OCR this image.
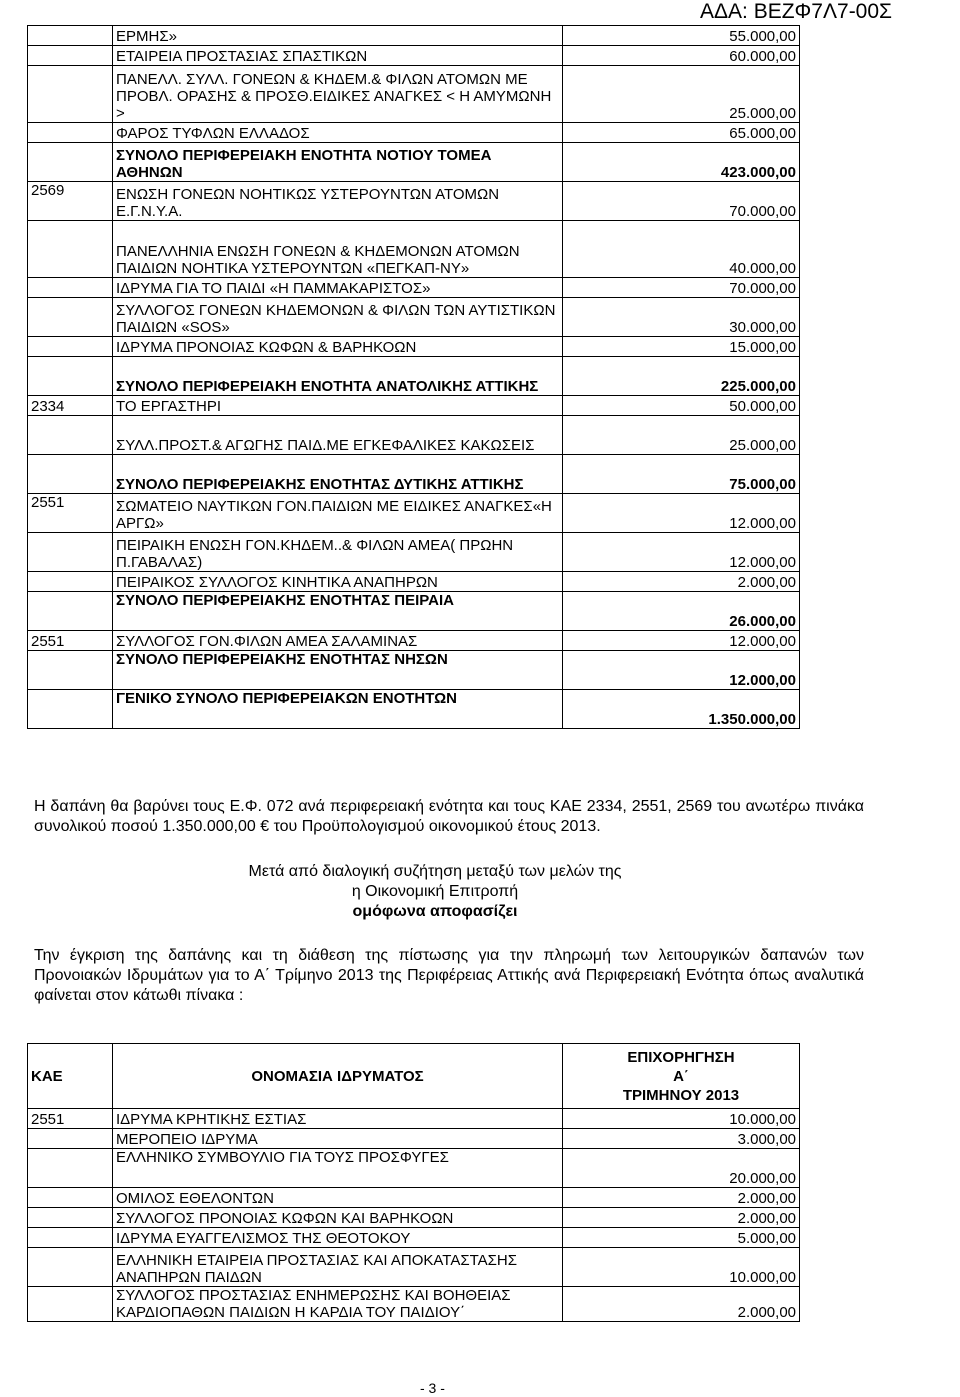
ΑΔΑ: ΒΕΖΦ7Λ7-00Σ
	ΕΡΜΗΣ»	55.000,00
	ΕΤΑΙΡΕΙΑ ΠΡΟΣΤΑΣΙΑΣ ΣΠΑΣΤΙΚΩΝ	60.000,00
	ΠΑΝΕΛΛ. ΣΥΛΛ. ΓΟΝΕΩΝ & ΚΗΔΕΜ.& ΦΙΛΩΝ ΑΤΟΜΩΝ ΜΕ ΠΡΟΒΛ. ΟΡΑΣΗΣ & ΠΡΟΣΘ.ΕΙΔΙΚΕΣ ΑΝΑΓΚΕΣ < Η ΑΜΥΜΩΝΗ >	25.000,00
	ΦΑΡΟΣ ΤΥΦΛΩΝ ΕΛΛΑΔΟΣ	65.000,00
	ΣΥΝΟΛΟ ΠΕΡΙΦΕΡΕΙΑΚΗ ΕΝΟΤΗΤΑ ΝΟΤΙΟΥ ΤΟΜΕΑ ΑΘΗΝΩΝ	423.000,00
2569	ΕΝΩΣΗ ΓΟΝΕΩΝ ΝΟΗΤΙΚΩΣ ΥΣΤΕΡΟΥΝΤΩΝ ΑΤΟΜΩΝ Ε.Γ.Ν.Υ.Α.	70.000,00
	ΠΑΝΕΛΛΗΝΙΑ ΕΝΩΣΗ ΓΟΝΕΩΝ & ΚΗΔΕΜΟΝΩΝ ΑΤΟΜΩΝ ΠΑΙΔΙΩΝ ΝΟΗΤΙΚΑ ΥΣΤΕΡΟΥΝΤΩΝ «ΠΕΓΚΑΠ-ΝΥ»	40.000,00
	ΙΔΡΥΜΑ ΓΙΑ ΤΟ ΠΑΙΔΙ «Η ΠΑΜΜΑΚΑΡΙΣΤΟΣ»	70.000,00
	ΣΥΛΛΟΓΟΣ ΓΟΝΕΩΝ ΚΗΔΕΜΟΝΩΝ & ΦΙΛΩΝ ΤΩΝ ΑΥΤΙΣΤΙΚΩΝ ΠΑΙΔΙΩΝ «SOS»	30.000,00
	ΙΔΡΥΜΑ ΠΡΟΝΟΙΑΣ ΚΩΦΩΝ & ΒΑΡΗΚΟΩΝ	15.000,00
	ΣΥΝΟΛΟ ΠΕΡΙΦΕΡΕΙΑΚΗ ΕΝΟΤΗΤΑ ΑΝΑΤΟΛΙΚΗΣ ΑΤΤΙΚΗΣ	225.000,00
2334	ΤΟ ΕΡΓΑΣΤΗΡΙ	50.000,00
	ΣΥΛΛ.ΠΡΟΣΤ.& ΑΓΩΓΗΣ ΠΑΙΔ.ΜΕ ΕΓΚΕΦΑΛΙΚΕΣ ΚΑΚΩΣΕΙΣ	25.000,00
	ΣΥΝΟΛΟ ΠΕΡΙΦΕΡΕΙΑΚΗΣ ΕΝΟΤΗΤΑΣ ΔΥΤΙΚΗΣ ΑΤΤΙΚΗΣ	75.000,00
2551	ΣΩΜΑΤΕΙΟ ΝΑΥΤΙΚΩΝ ΓΟΝ.ΠΑΙΔΙΩΝ ΜΕ ΕΙΔΙΚΕΣ ΑΝΑΓΚΕΣ«Η ΑΡΓΩ»	12.000,00
	ΠΕΙΡΑΙΚΗ ΕΝΩΣΗ ΓΟΝ.ΚΗΔΕΜ..& ΦΙΛΩΝ ΑΜΕΑ( ΠΡΩΗΝ Π.ΓΑΒΑΛΑΣ)	12.000,00
	ΠΕΙΡΑΙΚΟΣ ΣΥΛΛΟΓΟΣ ΚΙΝΗΤΙΚΑ ΑΝΑΠΗΡΩΝ	2.000,00
	ΣΥΝΟΛΟ ΠΕΡΙΦΕΡΕΙΑΚΗΣ ΕΝΟΤΗΤΑΣ ΠΕΙΡΑΙΑ	26.000,00
2551	ΣΥΛΛΟΓΟΣ ΓΟΝ.ΦΙΛΩΝ ΑΜΕΑ ΣΑΛΑΜΙΝΑΣ	12.000,00
	ΣΥΝΟΛΟ ΠΕΡΙΦΕΡΕΙΑΚΗΣ ΕΝΟΤΗΤΑΣ ΝΗΣΩΝ	12.000,00
	ΓΕΝΙΚΟ ΣΥΝΟΛΟ ΠΕΡΙΦΕΡΕΙΑΚΩΝ ΕΝΟΤΗΤΩΝ	1.350.000,00
Η δαπάνη θα βαρύνει τους Ε.Φ. 072 ανά περιφερειακή ενότητα και τους ΚΑΕ 2334, 2551, 2569 του ανωτέρω πινάκα συνολικού ποσού 1.350.000,00 € του Προϋπολογισμού οικονομικού έτους 2013.
Μετά από διαλογική συζήτηση μεταξύ των μελών της
η Οικονομική Επιτροπή
ομόφωνα αποφασίζει
Την έγκριση της δαπάνης και τη διάθεση της πίστωσης για την πληρωμή των λειτουργικών δαπανών των Προνοιακών Ιδρυμάτων για το Α΄ Τρίμηνο 2013 της Περιφέρειας Αττικής ανά Περιφερειακή Ενότητα όπως αναλυτικά φαίνεται στον κάτωθι πίνακα :
ΚΑΕ	ΟΝΟΜΑΣΙΑ ΙΔΡΥΜΑΤΟΣ	ΕΠΙΧΟΡΗΓΗΣΗ
Α΄
ΤΡΙΜΗΝΟΥ 2013

2551	ΙΔΡΥΜΑ ΚΡΗΤΙΚΗΣ ΕΣΤΙΑΣ	10.000,00
	ΜΕΡΟΠΕΙΟ ΙΔΡΥΜΑ	3.000,00
	ΕΛΛΗΝΙΚΟ ΣΥΜΒΟΥΛΙΟ ΓΙΑ ΤΟΥΣ ΠΡΟΣΦΥΓΕΣ	20.000,00
	ΟΜΙΛΟΣ ΕΘΕΛΟΝΤΩΝ	2.000,00
	ΣΥΛΛΟΓΟΣ ΠΡΟΝΟΙΑΣ ΚΩΦΩΝ ΚΑΙ ΒΑΡΗΚΟΩΝ	2.000,00
	ΙΔΡΥΜΑ ΕΥΑΓΓΕΛΙΣΜΟΣ ΤΗΣ ΘΕΟΤΟΚΟΥ	5.000,00
	ΕΛΛΗΝΙΚΗ ΕΤΑΙΡΕΙΑ ΠΡΟΣΤΑΣΙΑΣ ΚΑΙ ΑΠΟΚΑΤΑΣΤΑΣΗΣ ΑΝΑΠΗΡΩΝ ΠΑΙΔΩΝ	10.000,00
	ΣΥΛΛΟΓΟΣ ΠΡΟΣΤΑΣΙΑΣ ΕΝΗΜΕΡΩΣΗΣ ΚΑΙ ΒΟΗΘΕΙΑΣ ΚΑΡΔΙΟΠΑΘΩΝ ΠΑΙΔΙΩΝ Η ΚΑΡΔΙΑ ΤΟΥ ΠΑΙΔΙΟΥ΄	2.000,00
- 3 -
